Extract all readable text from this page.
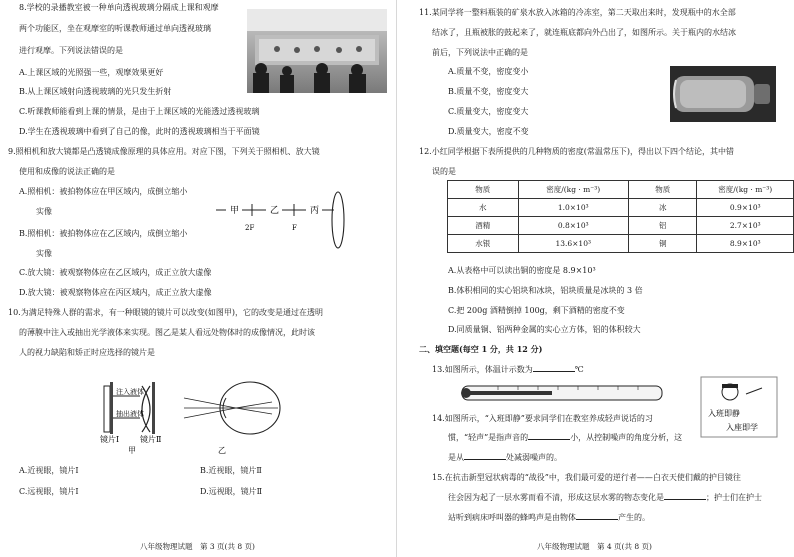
8.学校的录播教室被一种单向透视玻璃分隔成上课和观摩
两个功能区，坐在观摩室的听课教师通过单向透视玻璃
进行观摩。下列说法错误的是
A.上课区域的光照强一些，观摩效果更好
B.从上课区域射向透视玻璃的光只发生折射
C.听课教师能看到上课的情景，是由于上课区域的光能透过透视玻璃
D.学生在透视玻璃中看到了自己的像，此时的透视玻璃相当于平面镜
9.照相机和放大镜都是凸透镜成像原理的具体应用。对应下图，下列关于照相机、放大镜
使用和成像的说法正确的是
A.照相机：被拍物体应在甲区域内，成倒立缩小
实像
B.照相机：被拍物体应在乙区域内，成倒立缩小
实像
C.放大镜：被观察物体应在乙区域内，成正立放大虚像
D.放大镜：被观察物体应在丙区域内，成正立放大虚像
甲	乙	丙
2F	F
10.为满足特殊人群的需求，有一种眼镜的镜片可以改变(如图甲)，它的改变是通过在透明
的薄膜中注入或抽出光学液体来实现。图乙是某人看远处物体时的成像情况，此时该
人的视力缺陷和矫正时应选择的镜片是
注入液体
抽出液体
镜片Ⅰ	镜片Ⅱ
甲	乙
A.近视眼，镜片Ⅰ	B.近视眼，镜片Ⅱ
C.远视眼，镜片Ⅰ	D.远视眼，镜片Ⅱ
八年级物理试题　第 3 页(共 8 页)
11.某同学将一整料瓶装的矿泉水放入冰箱的冷冻室，第二天取出来时，发现瓶中的水全部
结冰了，且瓶被胀的鼓起来了，就连瓶底都向外凸出了，如图所示。关于瓶内的水结冰
前后，下列说法中正确的是
A.质量不变，密度变小
B.质量不变，密度变大
C.质量变大，密度变大
D.质量变大，密度不变
12.小红同学根据下表所提供的几种物质的密度(常温常压下)，得出以下四个结论，其中错
误的是
物质	密度/(kg · m⁻³)	物质	密度/(kg · m⁻³)
水	1.0×10³	冰	0.9×10³
酒精	0.8×10³	铝	2.7×10³
水银	13.6×10³	铜	8.9×10³
A.从表格中可以读出铜的密度是 8.9×10³
B.体积相同的实心铝块和冰块，铝块质量是冰块的 3 倍
C.把 200g 酒精倒掉 100g，剩下酒精的密度不变
D.同质量铜、铝两种金属的实心立方体，铝的体积较大
二、填空题(每空 1 分，共 12 分)
13.如图所示，体温计示数为	℃
14.如图所示，“入班即静”要求同学们在教室养成轻声说话的习
惯，“轻声”是指声音的	小，从控制噪声的角度分析，这
是从	处减弱噪声的。
入班即静
入座即学
15.在抗击新型冠状病毒的“战役”中，我们最可爱的逆行者——白衣天使们戴的护目镜往
往会因为起了一层水雾而看不清，形成这层水雾的物态变化是	；护士们在护士
站听到病床呼叫器的蜂鸣声是由物体	产生的。
八年级物理试题　第 4 页(共 8 页)
